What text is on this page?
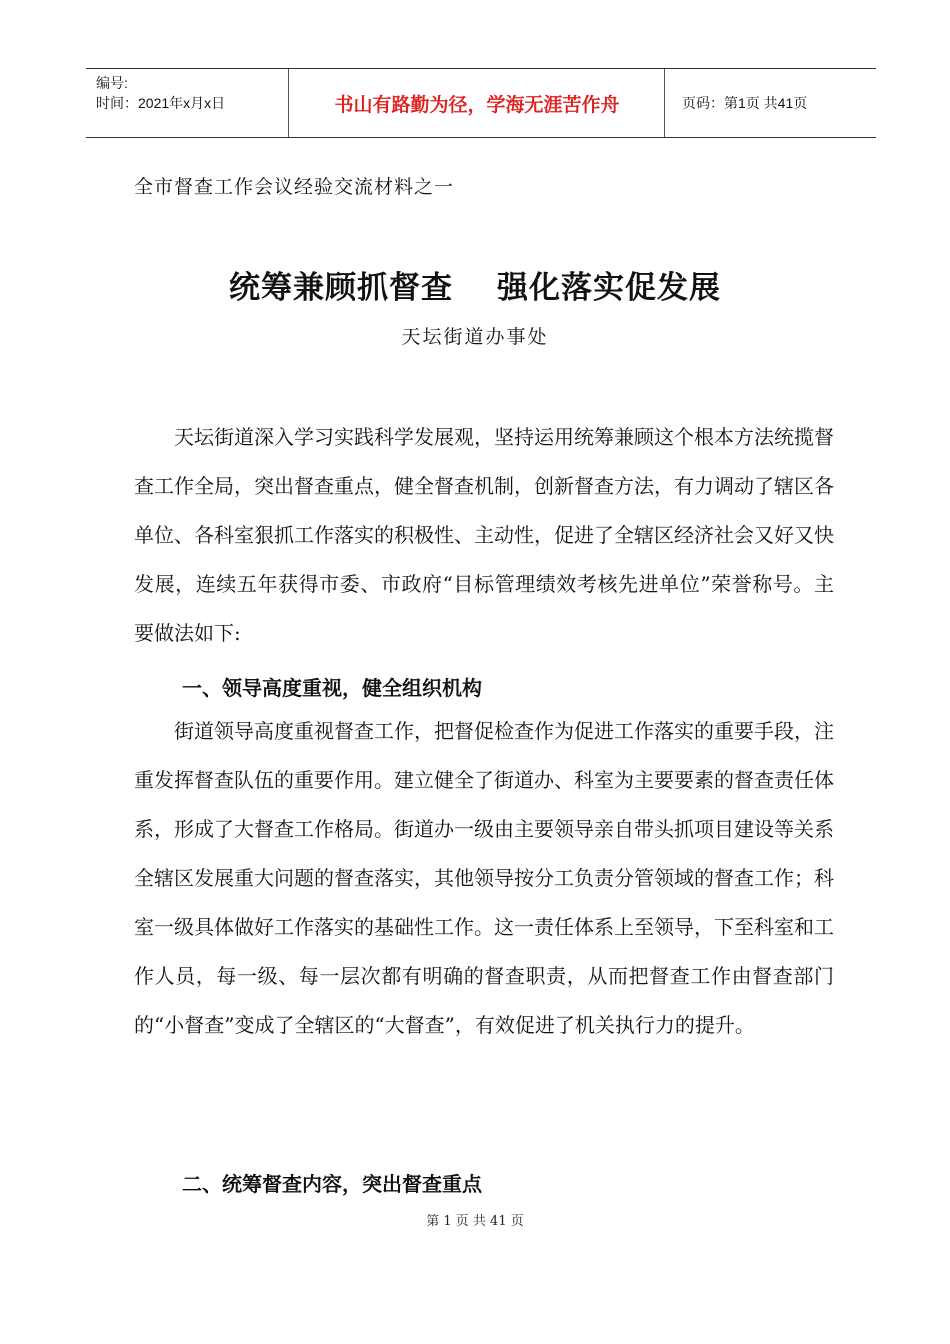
编号:
时间：2021年x月x日	书山有路勤为径，学海无涯苦作舟	页码：第1页 共41页
全市督查工作会议经验交流材料之一
统筹兼顾抓督查 强化落实促发展
天坛街道办事处

天坛街道深入学习实践科学发展观，坚持运用统筹兼顾这个根本方法统揽督查工作全局，突出督查重点，健全督查机制，创新督查方法，有力调动了辖区各单位、各科室狠抓工作落实的积极性、主动性，促进了全辖区经济社会又好又快发展，连续五年获得市委、市政府“目标管理绩效考核先进单位”荣誉称号。主要做法如下:

一、领导高度重视，健全组织机构

街道领导高度重视督查工作，把督促检查作为促进工作落实的重要手段，注重发挥督查队伍的重要作用。建立健全了街道办、科室为主要要素的督查责任体系，形成了大督查工作格局。街道办一级由主要领导亲自带头抓项目建设等关系全辖区发展重大问题的督查落实，其他领导按分工负责分管领域的督查工作；科室一级具体做好工作落实的基础性工作。这一责任体系上至领导，下至科室和工作人员，每一级、每一层次都有明确的督查职责，从而把督查工作由督查部门的“小督查”变成了全辖区的“大督查”，有效促进了机关执行力的提升。

二、统筹督查内容，突出督查重点
第 1 页 共 41 页
